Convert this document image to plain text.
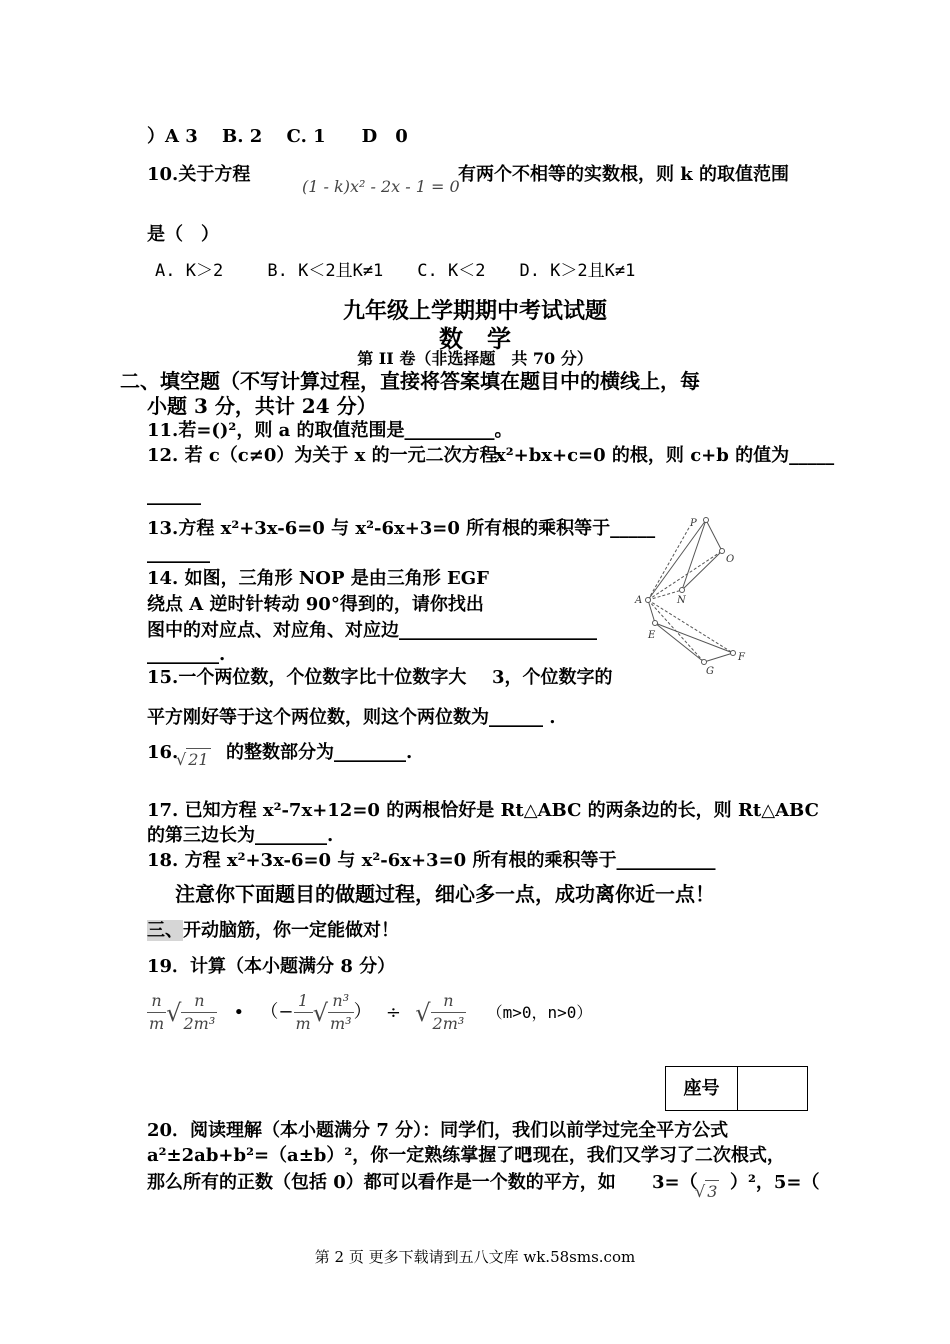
）A 3　 B. 2　 C. 1　　D　0
10.关于方程
(1 - k)x² - 2x - 1 = 0
有两个不相等的实数根，则 k 的取值范围
是（　）
A. K＞2　　 B. K＜2且K≠1　　C. K＜2　　D. K＞2且K≠1
九年级上学期期中考试试题
数　学
第 II 卷（非选择题　共 70 分）
二、填空题（不写计算过程，直接将答案填在题目中的横线上，每
小题 3 分，共计 24 分）
11.若=()²，则 a 的取值范围是__________。
12. 若 c（c≠0）为关于 x 的一元二次方程
x²+bx+c=0 的根，则 c+b 的值为_____
______
13.方程 x²+3x-6=0 与 x²-6x+3=0 所有根的乘积等于_____
_______
14. 如图，三角形 NOP 是由三角形 EGF
绕点 A 逆时针转动 90°得到的，请你找出
图中的对应点、对应角、对应边______________________
________.
P
O
N
A
E
F
G
15.一个两位数，个位数字比十位数字大 3，个位数字的
平方刚好等于这个两位数，则这个两位数为______ .
16.
√ 21 的整数部分为________.
17. 已知方程 x²-7x+12=0 的两根恰好是 Rt△ABC 的两条边的长，则 Rt△ABC
的第三边长为________.
18. 方程 x²+3x-6=0 与 x²-6x+3=0 所有根的乘积等于___________
注意你下面题目的做题过程，细心多一点，成功离你近一点！
三、开动脑筋，你一定能做对！
19．计算（本小题满分 8 分）
$\frac{n}{m}$ √ $\frac{n}{\text{2m³}}$ • （− $\frac{1}{m}$ √ $\frac{\text{n³}}{\text{m³}}$ ） ÷ √ $\frac{n}{\text{2m³}} (m>0$，n>0）
座号
20．阅读理解（本小题满分 7 分）：同学们，我们以前学过完全平方公式
a²±2ab+b²=（a±b）²，你一定熟练掌握了吧
!现在，我们又学习了二次根式，
那么所有的正数（包括 0）都可以看作是一个数的平方，如 3=（
√ 3 ）²，5=（
第 2 页 更多下载请到五八文库 wk.58sms.com
